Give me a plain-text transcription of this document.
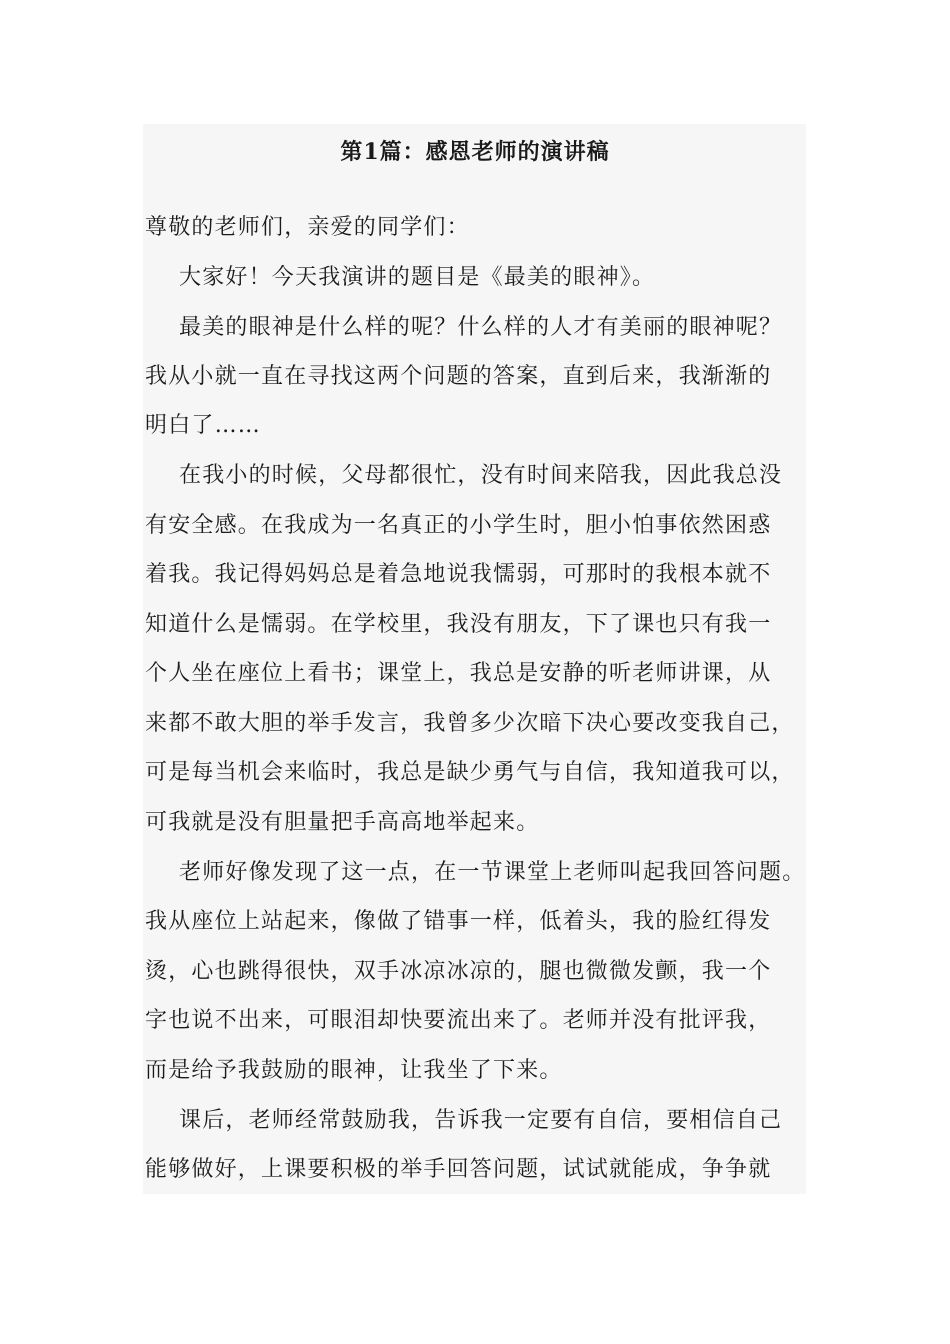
第1篇：感恩老师的演讲稿
尊敬的老师们，亲爱的同学们：
大家好！今天我演讲的题目是《最美的眼神》。
最美的眼神是什么样的呢？什么样的人才有美丽的眼神呢？
我从小就一直在寻找这两个问题的答案，直到后来，我渐渐的
明白了……
在我小的时候，父母都很忙，没有时间来陪我，因此我总没
有安全感。在我成为一名真正的小学生时，胆小怕事依然困惑
着我。我记得妈妈总是着急地说我懦弱，可那时的我根本就不
知道什么是懦弱。在学校里，我没有朋友，下了课也只有我一
个人坐在座位上看书；课堂上，我总是安静的听老师讲课，从
来都不敢大胆的举手发言，我曾多少次暗下决心要改变我自己，
可是每当机会来临时，我总是缺少勇气与自信，我知道我可以，
可我就是没有胆量把手高高地举起来。
老师好像发现了这一点，在一节课堂上老师叫起我回答问题。
我从座位上站起来，像做了错事一样，低着头，我的脸红得发
烫，心也跳得很快，双手冰凉冰凉的，腿也微微发颤，我一个
字也说不出来，可眼泪却快要流出来了。老师并没有批评我，
而是给予我鼓励的眼神，让我坐了下来。
课后，老师经常鼓励我，告诉我一定要有自信，要相信自己
能够做好，上课要积极的举手回答问题，试试就能成，争争就
